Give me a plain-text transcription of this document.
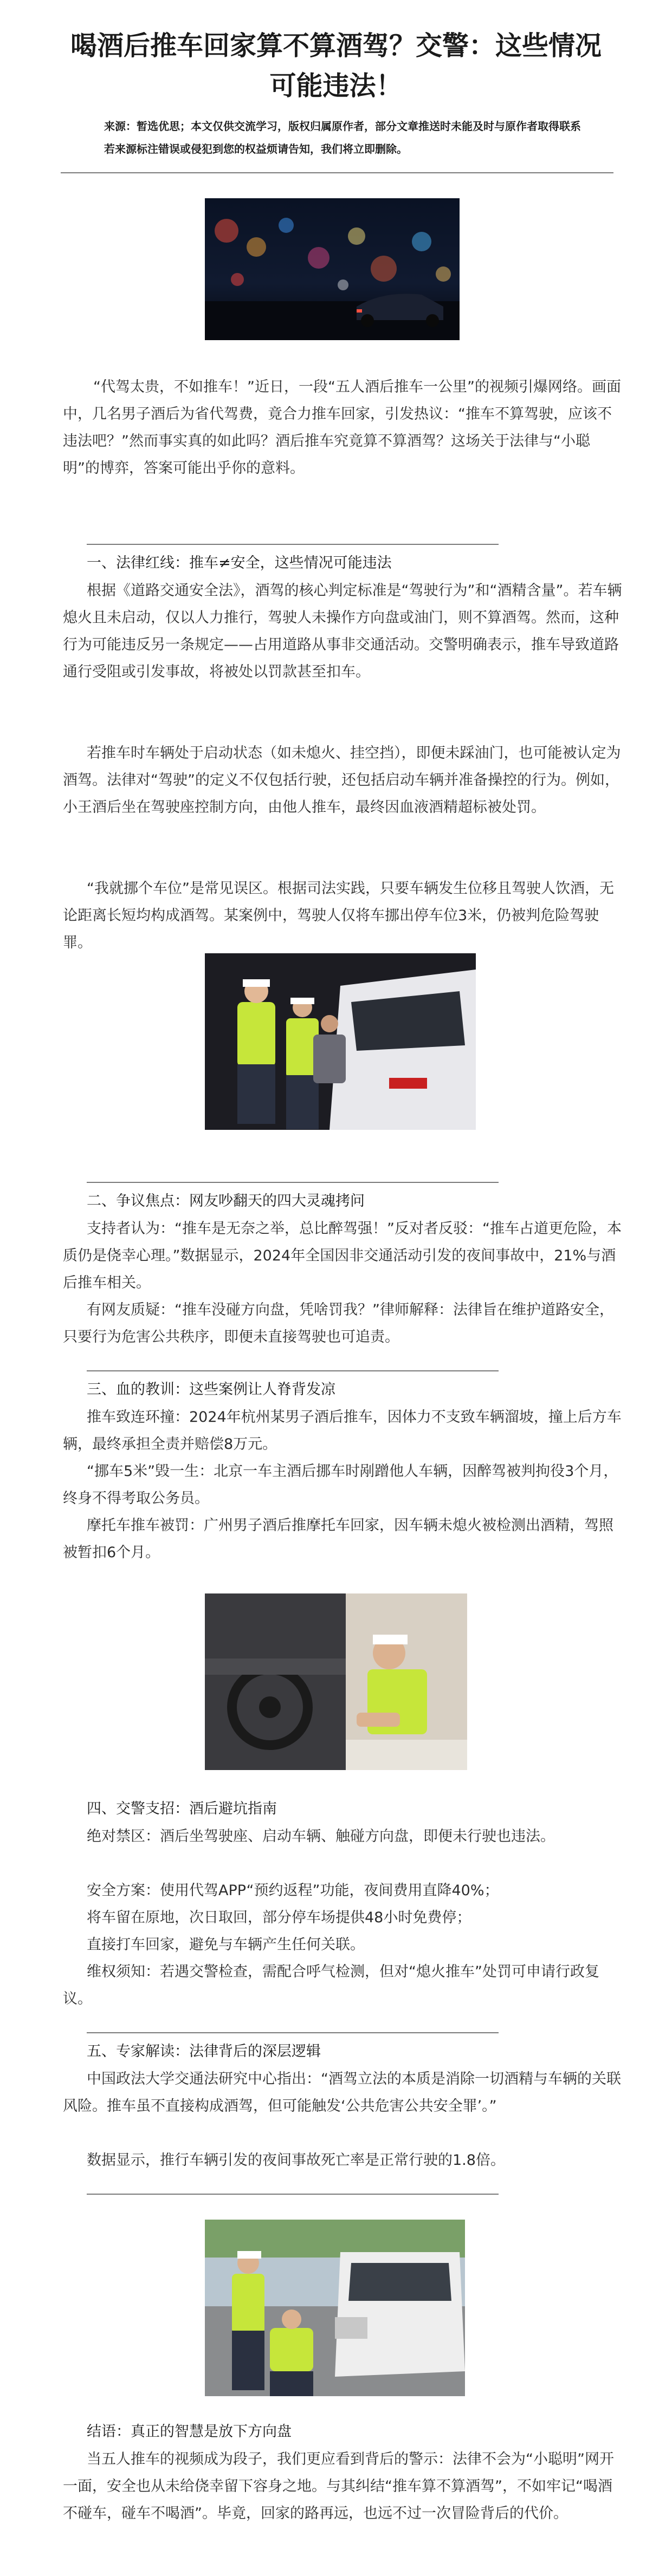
喝酒后推车回家算不算酒驾？交警：这些情况可能违法！
来源：暂选优思；本文仅供交流学习，版权归属原作者，部分文章推送时未能及时与原作者取得联系若来源标注错误或侵犯到您的权益烦请告知，我们将立即删除。
“代驾太贵，不如推车！”近日，一段“五人酒后推车一公里”的视频引爆网络。画面中，几名男子酒后为省代驾费，竟合力推车回家，引发热议：“推车不算驾驶，应该不违法吧？”然而事实真的如此吗？酒后推车究竟算不算酒驾？这场关于法律与“小聪明”的博弈，答案可能出乎你的意料。
一、法律红线：推车≠安全，这些情况可能违法
根据《道路交通安全法》，酒驾的核心判定标准是“驾驶行为”和“酒精含量”。若车辆熄火且未启动，仅以人力推行，驾驶人未操作方向盘或油门，则不算酒驾。然而，这种行为可能违反另一条规定——占用道路从事非交通活动。交警明确表示，推车导致道路通行受阻或引发事故，将被处以罚款甚至扣车。
若推车时车辆处于启动状态（如未熄火、挂空挡），即便未踩油门，也可能被认定为酒驾。法律对“驾驶”的定义不仅包括行驶，还包括启动车辆并准备操控的行为。例如，小王酒后坐在驾驶座控制方向，由他人推车，最终因血液酒精超标被处罚。
“我就挪个车位”是常见误区。根据司法实践，只要车辆发生位移且驾驶人饮酒，无论距离长短均构成酒驾。某案例中，驾驶人仅将车挪出停车位3米，仍被判危险驾驶罪。
二、争议焦点：网友吵翻天的四大灵魂拷问
支持者认为：“推车是无奈之举，总比醉驾强！”反对者反驳：“推车占道更危险，本质仍是侥幸心理。”数据显示，2024年全国因非交通活动引发的夜间事故中，21%与酒后推车相关。
有网友质疑：“推车没碰方向盘，凭啥罚我？”律师解释：法律旨在维护道路安全，只要行为危害公共秩序，即便未直接驾驶也可追责。
三、血的教训：这些案例让人脊背发凉
推车致连环撞：2024年杭州某男子酒后推车，因体力不支致车辆溜坡，撞上后方车辆，最终承担全责并赔偿8万元。
“挪车5米”毁一生：北京一车主酒后挪车时剐蹭他人车辆，因醉驾被判拘役3个月，终身不得考取公务员。
摩托车推车被罚：广州男子酒后推摩托车回家，因车辆未熄火被检测出酒精，驾照被暂扣6个月。
四、交警支招：酒后避坑指南
绝对禁区：酒后坐驾驶座、启动车辆、触碰方向盘，即便未行驶也违法。
安全方案：使用代驾APP“预约返程”功能，夜间费用直降40%；
将车留在原地，次日取回，部分停车场提供48小时免费停；
直接打车回家，避免与车辆产生任何关联。
维权须知：若遇交警检查，需配合呼气检测，但对“熄火推车”处罚可申请行政复议。
五、专家解读：法律背后的深层逻辑
中国政法大学交通法研究中心指出：“酒驾立法的本质是消除一切酒精与车辆的关联风险。推车虽不直接构成酒驾，但可能触发‘公共危害公共安全罪’。”
数据显示，推行车辆引发的夜间事故死亡率是正常行驶的1.8倍。
结语：真正的智慧是放下方向盘
当五人推车的视频成为段子，我们更应看到背后的警示：法律不会为“小聪明”网开一面，安全也从未给侥幸留下容身之地。与其纠结“推车算不算酒驾”，不如牢记“喝酒不碰车，碰车不喝酒”。毕竟，回家的路再远，也远不过一次冒险背后的代价。
